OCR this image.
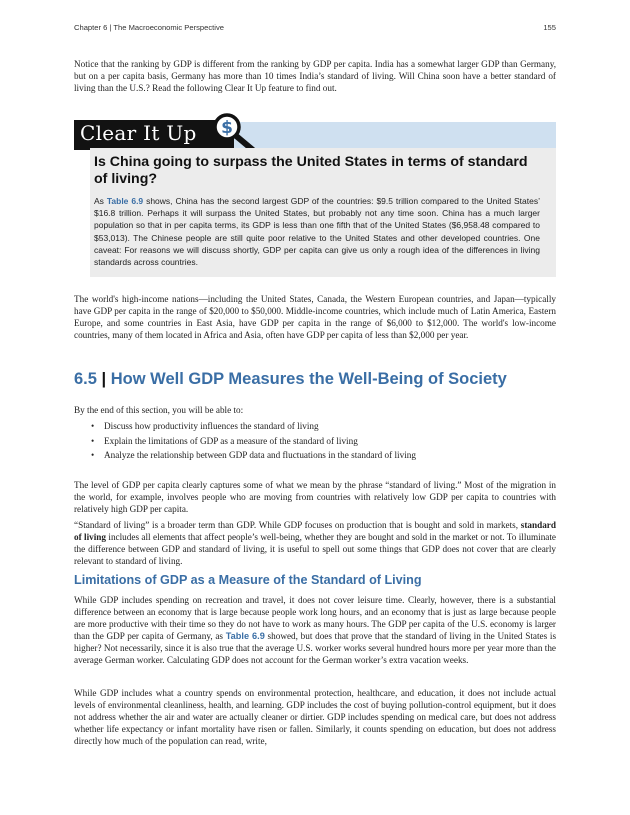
Chapter 6 | The Macroeconomic Perspective	155

Notice that the ranking by GDP is different from the ranking by GDP per capita. India has a somewhat larger GDP than Germany, but on a per capita basis, Germany has more than 10 times India’s standard of living. Will China soon have a better standard of living than the U.S.? Read the following Clear It Up feature to find out.

Clear It Up $
Is China going to surpass the United States in terms of standard of living?
As Table 6.9 shows, China has the second largest GDP of the countries: $9.5 trillion compared to the United States’ $16.8 trillion. Perhaps it will surpass the United States, but probably not any time soon. China has a much larger population so that in per capita terms, its GDP is less than one fifth that of the United States ($6,958.48 compared to $53,013). The Chinese people are still quite poor relative to the United States and other developed countries. One caveat: For reasons we will discuss shortly, GDP per capita can give us only a rough idea of the differences in living standards across countries.

The world's high-income nations—including the United States, Canada, the Western European countries, and Japan—typically have GDP per capita in the range of $20,000 to $50,000. Middle-income countries, which include much of Latin America, Eastern Europe, and some countries in East Asia, have GDP per capita in the range of $6,000 to $12,000. The world's low-income countries, many of them located in Africa and Asia, often have GDP per capita of less than $2,000 per year.

6.5 | How Well GDP Measures the Well-Being of Society

By the end of this section, you will be able to:

• Discuss how productivity influences the standard of living
• Explain the limitations of GDP as a measure of the standard of living
• Analyze the relationship between GDP data and fluctuations in the standard of living

The level of GDP per capita clearly captures some of what we mean by the phrase “standard of living.” Most of the migration in the world, for example, involves people who are moving from countries with relatively low GDP per capita to countries with relatively high GDP per capita.

“Standard of living” is a broader term than GDP. While GDP focuses on production that is bought and sold in markets, standard of living includes all elements that affect people’s well-being, whether they are bought and sold in the market or not. To illuminate the difference between GDP and standard of living, it is useful to spell out some things that GDP does not cover that are clearly relevant to standard of living.

Limitations of GDP as a Measure of the Standard of Living

While GDP includes spending on recreation and travel, it does not cover leisure time. Clearly, however, there is a substantial difference between an economy that is large because people work long hours, and an economy that is just as large because people are more productive with their time so they do not have to work as many hours. The GDP per capita of the U.S. economy is larger than the GDP per capita of Germany, as Table 6.9 showed, but does that prove that the standard of living in the United States is higher? Not necessarily, since it is also true that the average U.S. worker works several hundred hours more per year more than the average German worker. Calculating GDP does not account for the German worker’s extra vacation weeks.

While GDP includes what a country spends on environmental protection, healthcare, and education, it does not include actual levels of environmental cleanliness, health, and learning. GDP includes the cost of buying pollution-control equipment, but it does not address whether the air and water are actually cleaner or dirtier. GDP includes spending on medical care, but does not address whether life expectancy or infant mortality have risen or fallen. Similarly, it counts spending on education, but does not address directly how much of the population can read, write,
